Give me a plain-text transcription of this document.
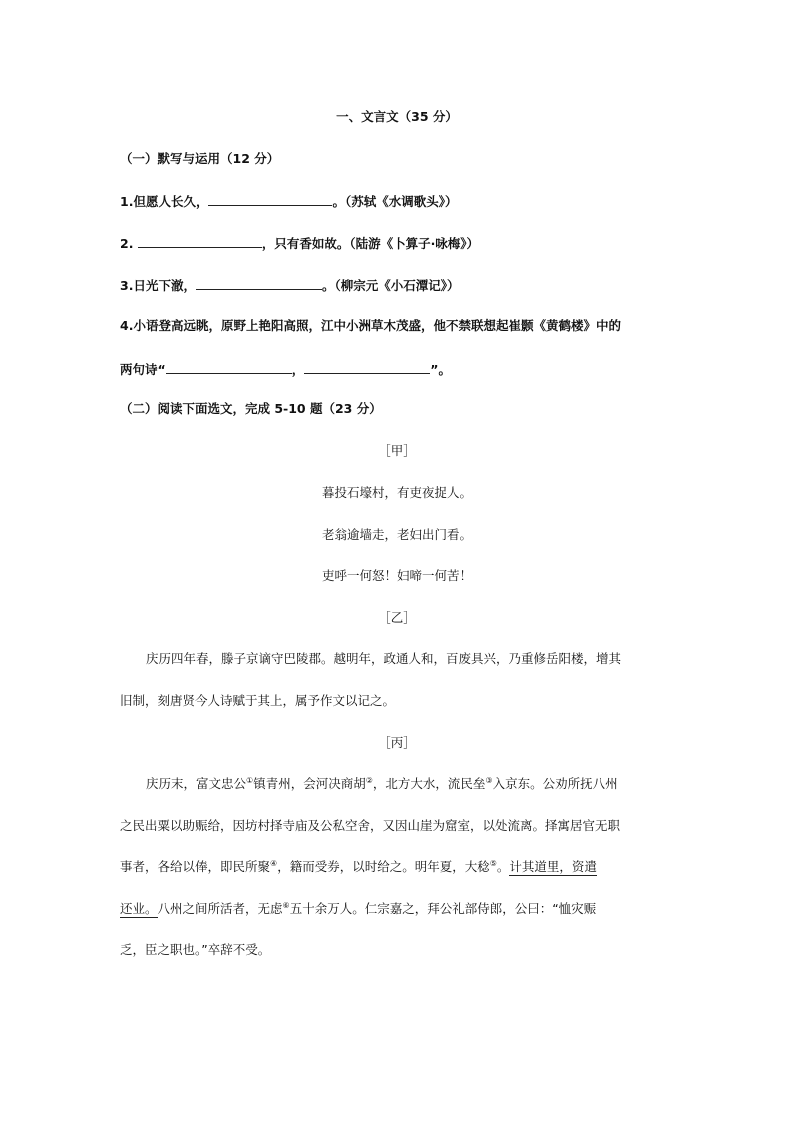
一、文言文（35 分）
（一）默写与运用（12 分）
1.但愿人长久，	。（苏轼《水调歌头》）
2.	，只有香如故。（陆游《卜算子·咏梅》）
3.日光下澈，	。（柳宗元《小石潭记》）
4.小语登高远眺，原野上艳阳高照，江中小洲草木茂盛，他不禁联想起崔颢《黄鹤楼》中的
两句诗“	，	”。
（二）阅读下面选文，完成 5-10 题（23 分）
［甲］
暮投石壕村，有吏夜捉人。
老翁逾墙走，老妇出门看。
吏呼一何怒！妇啼一何苦！
［乙］
庆历四年春，滕子京谪守巴陵郡。越明年，政通人和，百废具兴，乃重修岳阳楼，增其
旧制，刻唐贤今人诗赋于其上，属予作文以记之。
［丙］
庆历末，富文忠公①镇青州，会河决商胡②，北方大水，流民垒③入京东。公劝所抚八州
之民出粟以助赈给，因坊村择寺庙及公私空舍，又因山崖为窟室，以处流离。择寓居官无职
事者，各给以俸，即民所聚④，籍而受券，以时给之。明年夏，大稔⑤。计其道里，资遣
还业。八州之间所活者，无虑⑥五十余万人。仁宗嘉之，拜公礼部侍郎，公曰：“恤灾赈
乏，臣之职也。”卒辞不受。
